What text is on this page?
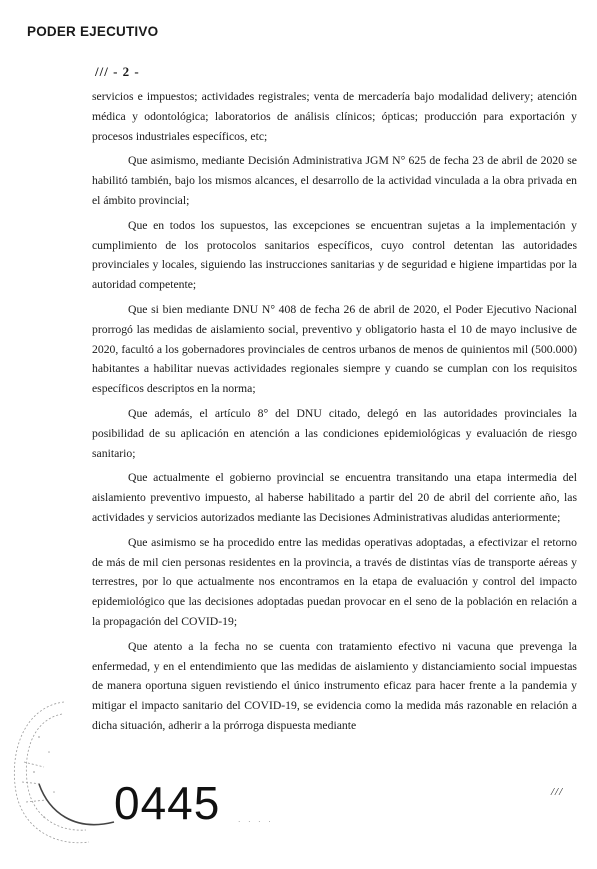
PODER EJECUTIVO
/// - 2 -

servicios e impuestos; actividades registrales; venta de mercadería bajo modalidad delivery; atención médica y odontológica; laboratorios de análisis clínicos; ópticas; producción para exportación y procesos industriales específicos, etc;

Que asimismo, mediante Decisión Administrativa JGM N° 625 de fecha 23 de abril de 2020 se habilitó también, bajo los mismos alcances, el desarrollo de la actividad vinculada a la obra privada en el ámbito provincial;

Que en todos los supuestos, las excepciones se encuentran sujetas a la implementación y cumplimiento de los protocolos sanitarios específicos, cuyo control detentan las autoridades provinciales y locales, siguiendo las instrucciones sanitarias y de seguridad e higiene impartidas por la autoridad competente;

Que si bien mediante DNU N° 408 de fecha 26 de abril de 2020, el Poder Ejecutivo Nacional prorrogó las medidas de aislamiento social, preventivo y obligatorio hasta el 10 de mayo inclusive de 2020, facultó a los gobernadores provinciales de centros urbanos de menos de quinientos mil (500.000) habitantes a habilitar nuevas actividades regionales siempre y cuando se cumplan con los requisitos específicos descriptos en la norma;

Que además, el artículo 8° del DNU citado, delegó en las autoridades provinciales la posibilidad de su aplicación en atención a las condiciones epidemiológicas y evaluación de riesgo sanitario;

Que actualmente el gobierno provincial se encuentra transitando una etapa intermedia del aislamiento preventivo impuesto, al haberse habilitado a partir del 20 de abril del corriente año, las actividades y servicios autorizados mediante las Decisiones Administrativas aludidas anteriormente;

Que asimismo se ha procedido entre las medidas operativas adoptadas, a efectivizar el retorno de más de mil cien personas residentes en la provincia, a través de distintas vías de transporte aéreas y terrestres, por lo que actualmente nos encontramos en la etapa de evaluación y control del impacto epidemiológico que las decisiones adoptadas puedan provocar en el seno de la población en relación a la propagación del COVID-19;

Que atento a la fecha no se cuenta con tratamiento efectivo ni vacuna que prevenga la enfermedad, y en el entendimiento que las medidas de aislamiento y distanciamiento social impuestas de manera oportuna siguen revistiendo el único instrumento eficaz para hacer frente a la pandemia y mitigar el impacto sanitario del COVID-19, se evidencia como la medida más razonable en relación a dicha situación, adherir a la prórroga dispuesta mediante

///
0445	· · · ·
